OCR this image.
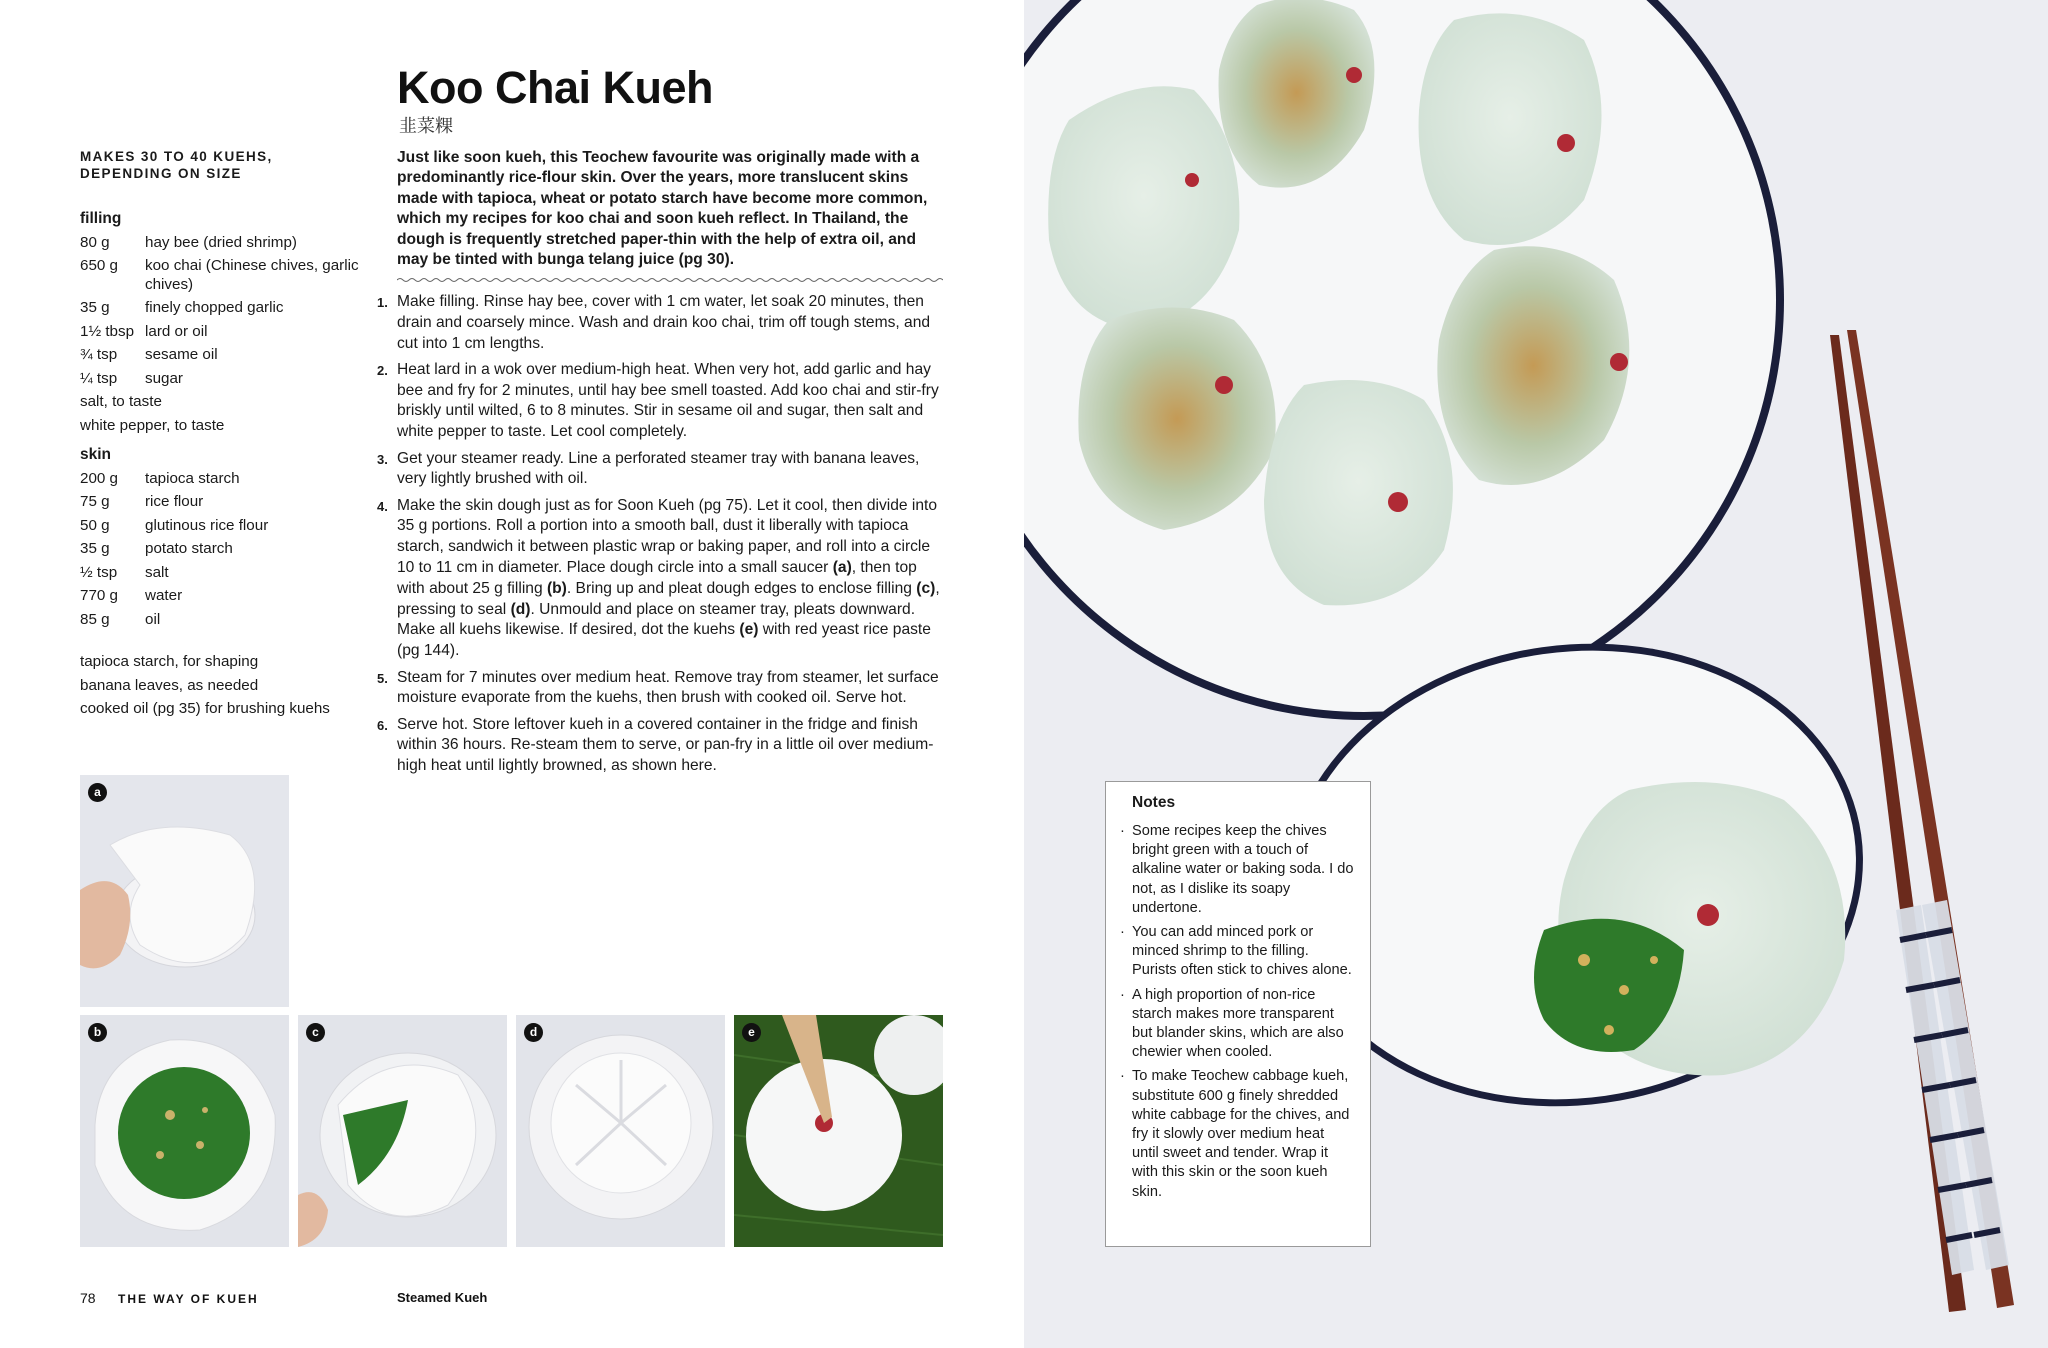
MAKES 30 TO 40 KUEHS, DEPENDING ON SIZE
filling
80 g	hay bee (dried shrimp)
650 g	koo chai (Chinese chives, garlic chives)
35 g	finely chopped garlic
1½ tbsp lard or oil
¾ tsp	sesame oil
¼ tsp	sugar
salt, to taste
white pepper, to taste
skin
200 g	tapioca starch
75 g	rice flour
50 g	glutinous rice flour
35 g	potato starch
½ tsp	salt
770 g	water
85 g	oil
tapioca starch, for shaping
banana leaves, as needed
cooked oil (pg 35) for brushing kuehs
Koo Chai Kueh
韭菜粿

Just like soon kueh, this Teochew favourite was originally made with a predominantly rice-flour skin. Over the years, more translucent skins made with tapioca, wheat or potato starch have become more common, which my recipes for koo chai and soon kueh reflect. In Thailand, the dough is frequently stretched paper-thin with the help of extra oil, and may be tinted with bunga telang juice (pg 30).

1. Make filling. Rinse hay bee, cover with 1 cm water, let soak 20 minutes, then drain and coarsely mince. Wash and drain koo chai, trim off tough stems, and cut into 1 cm lengths.
2. Heat lard in a wok over medium-high heat. When very hot, add garlic and hay bee and fry for 2 minutes, until hay bee smell toasted. Add koo chai and stir-fry briskly until wilted, 6 to 8 minutes. Stir in sesame oil and sugar, then salt and white pepper to taste. Let cool completely.
3. Get your steamer ready. Line a perforated steamer tray with banana leaves, very lightly brushed with oil.
4. Make the skin dough just as for Soon Kueh (pg 75). Let it cool, then divide into 35 g portions. Roll a portion into a smooth ball, dust it liberally with tapioca starch, sandwich it between plastic wrap or baking paper, and roll into a circle 10 to 11 cm in diameter. Place dough circle into a small saucer (a), then top with about 25 g filling (b). Bring up and pleat dough edges to enclose filling (c), pressing to seal (d). Unmould and place on steamer tray, pleats downward. Make all kuehs likewise. If desired, dot the kuehs (e) with red yeast rice paste (pg 144).
5. Steam for 7 minutes over medium heat. Remove tray from steamer, let surface moisture evaporate from the kuehs, then brush with cooked oil. Serve hot.
6. Serve hot. Store leftover kueh in a covered container in the fridge and finish within 36 hours. Re-steam them to serve, or pan-fry in a little oil over medium-high heat until lightly browned, as shown here.
a
b	c	d	e
78 THE WAY OF KUEH	Steamed Kueh
Notes
· Some recipes keep the chives bright green with a touch of alkaline water or baking soda. I do not, as I dislike its soapy undertone.
· You can add minced pork or minced shrimp to the filling. Purists often stick to chives alone.
· A high proportion of non-rice starch makes more transparent but blander skins, which are also chewier when cooled.
· To make Teochew cabbage kueh, substitute 600 g finely shredded white cabbage for the chives, and fry it slowly over medium heat until sweet and tender. Wrap it with this skin or the soon kueh skin.
